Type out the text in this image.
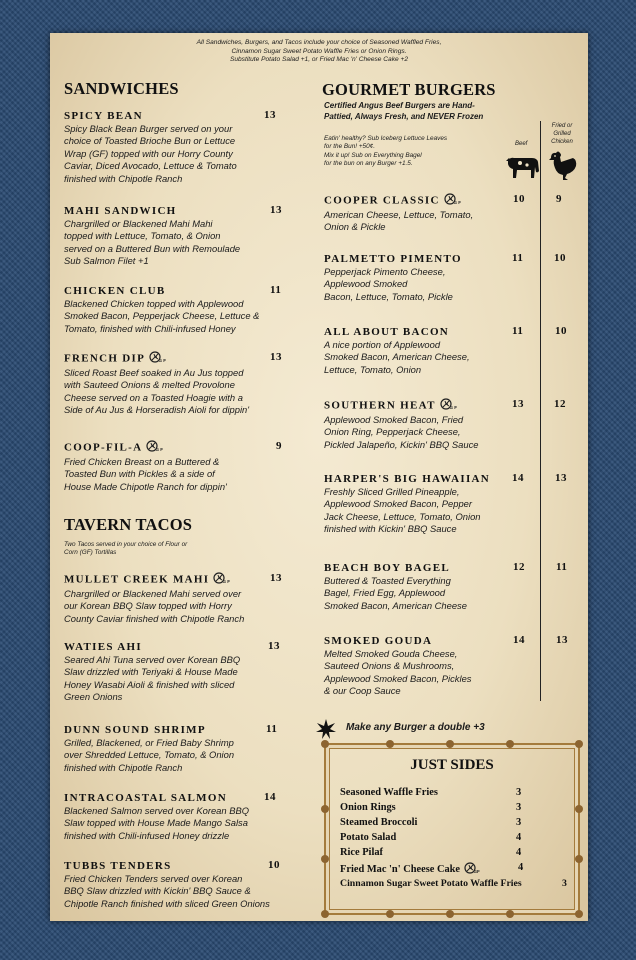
All Sandwiches, Burgers, and Tacos include your choice of Seasoned Waffled Fries,
Cinnamon Sugar Sweet Potato Waffle Fries or Onion Rings.
Substitute Potato Salad +1, or Fried Mac 'n' Cheese Cake +2
SANDWICHES
SPICY BEAN
Spicy Black Bean Burger served on your
choice of Toasted Brioche Bun or Lettuce
Wrap (GF) topped with our Horry County
Caviar, Diced Avocado, Lettuce & Tomato
finished with Chipotle Ranch
13
MAHI SANDWICH
Chargrilled or Blackened Mahi Mahi
topped with Lettuce, Tomato, & Onion
served on a Buttered Bun with Remoulade
Sub Salmon Filet +1
13
CHICKEN CLUB
Blackened Chicken topped with Applewood
Smoked Bacon, Pepperjack Cheese, Lettuce &
Tomato, finished with Chili-infused Honey
11
FRENCH DIP	GF
Sliced Roast Beef soaked in Au Jus topped
with Sauteed Onions & melted Provolone
Cheese served on a Toasted Hoagie with a
Side of Au Jus & Horseradish Aioli for dippin'
13
COOP-FIL-A	GF
Fried Chicken Breast on a Buttered &
Toasted Bun with Pickles & a side of
House Made Chipotle Ranch for dippin'
9
TAVERN TACOS
Two Tacos served in your choice of Flour or
Corn (GF) Tortillas
MULLET CREEK MAHI	GF
Chargrilled or Blackened Mahi served over
our Korean BBQ Slaw topped with Horry
County Caviar finished with Chipotle Ranch
13
WATIES AHI
Seared Ahi Tuna served over Korean BBQ
Slaw drizzled with Teriyaki & House Made
Honey Wasabi Aioli & finished with sliced
Green Onions
13
DUNN SOUND SHRIMP
Grilled, Blackened, or Fried Baby Shrimp
over Shredded Lettuce, Tomato, & Onion
finished with Chipotle Ranch
11
INTRACOASTAL SALMON
Blackened Salmon served over Korean BBQ
Slaw topped with House Made Mango Salsa
finished with Chili-infused Honey drizzle
14
TUBBS TENDERS
Fried Chicken Tenders served over Korean
BBQ Slaw drizzled with Kickin' BBQ Sauce &
Chipotle Ranch finished with sliced Green Onions
10
GOURMET BURGERS
Certified Angus Beef Burgers are Hand-
Pattied, Always Fresh, and NEVER Frozen
Eatin' healthy? Sub Iceberg Lettuce Leaves
for the Bun! +50¢.
Mix it up! Sub on Everything Bagel
for the bun on any Burger +1.5.
Beef
Fried or
Grilled
Chicken
COOPER CLASSIC	GF
American Cheese, Lettuce, Tomato,
Onion & Pickle
10	9
PALMETTO PIMENTO
Pepperjack Pimento Cheese,
Applewood Smoked
Bacon, Lettuce, Tomato, Pickle
11	10
ALL ABOUT BACON
A nice portion of Applewood
Smoked Bacon, American Cheese,
Lettuce, Tomato, Onion
11	10
SOUTHERN HEAT	GF
Applewood Smoked Bacon, Fried
Onion Ring, Pepperjack Cheese,
Pickled Jalapeño, Kickin' BBQ Sauce
13	12
HARPER'S BIG HAWAIIAN
Freshly Sliced Grilled Pineapple,
Applewood Smoked Bacon, Pepper
Jack Cheese, Lettuce, Tomato, Onion
finished with Kickin' BBQ Sauce
14	13
BEACH BOY BAGEL
Buttered & Toasted Everything
Bagel, Fried Egg, Applewood
Smoked Bacon, American Cheese
12	11
SMOKED GOUDA
Melted Smoked Gouda Cheese,
Sauteed Onions & Mushrooms,
Applewood Smoked Bacon, Pickles
& our Coop Sauce
14	13
Make any Burger a double +3
JUST SIDES
Seasoned Waffle Fries	3
Onion Rings	3
Steamed Broccoli	3
Potato Salad	4
Rice Pilaf	4
Fried Mac 'n' Cheese Cake	GF	4
Cinnamon Sugar Sweet Potato Waffle Fries	3
